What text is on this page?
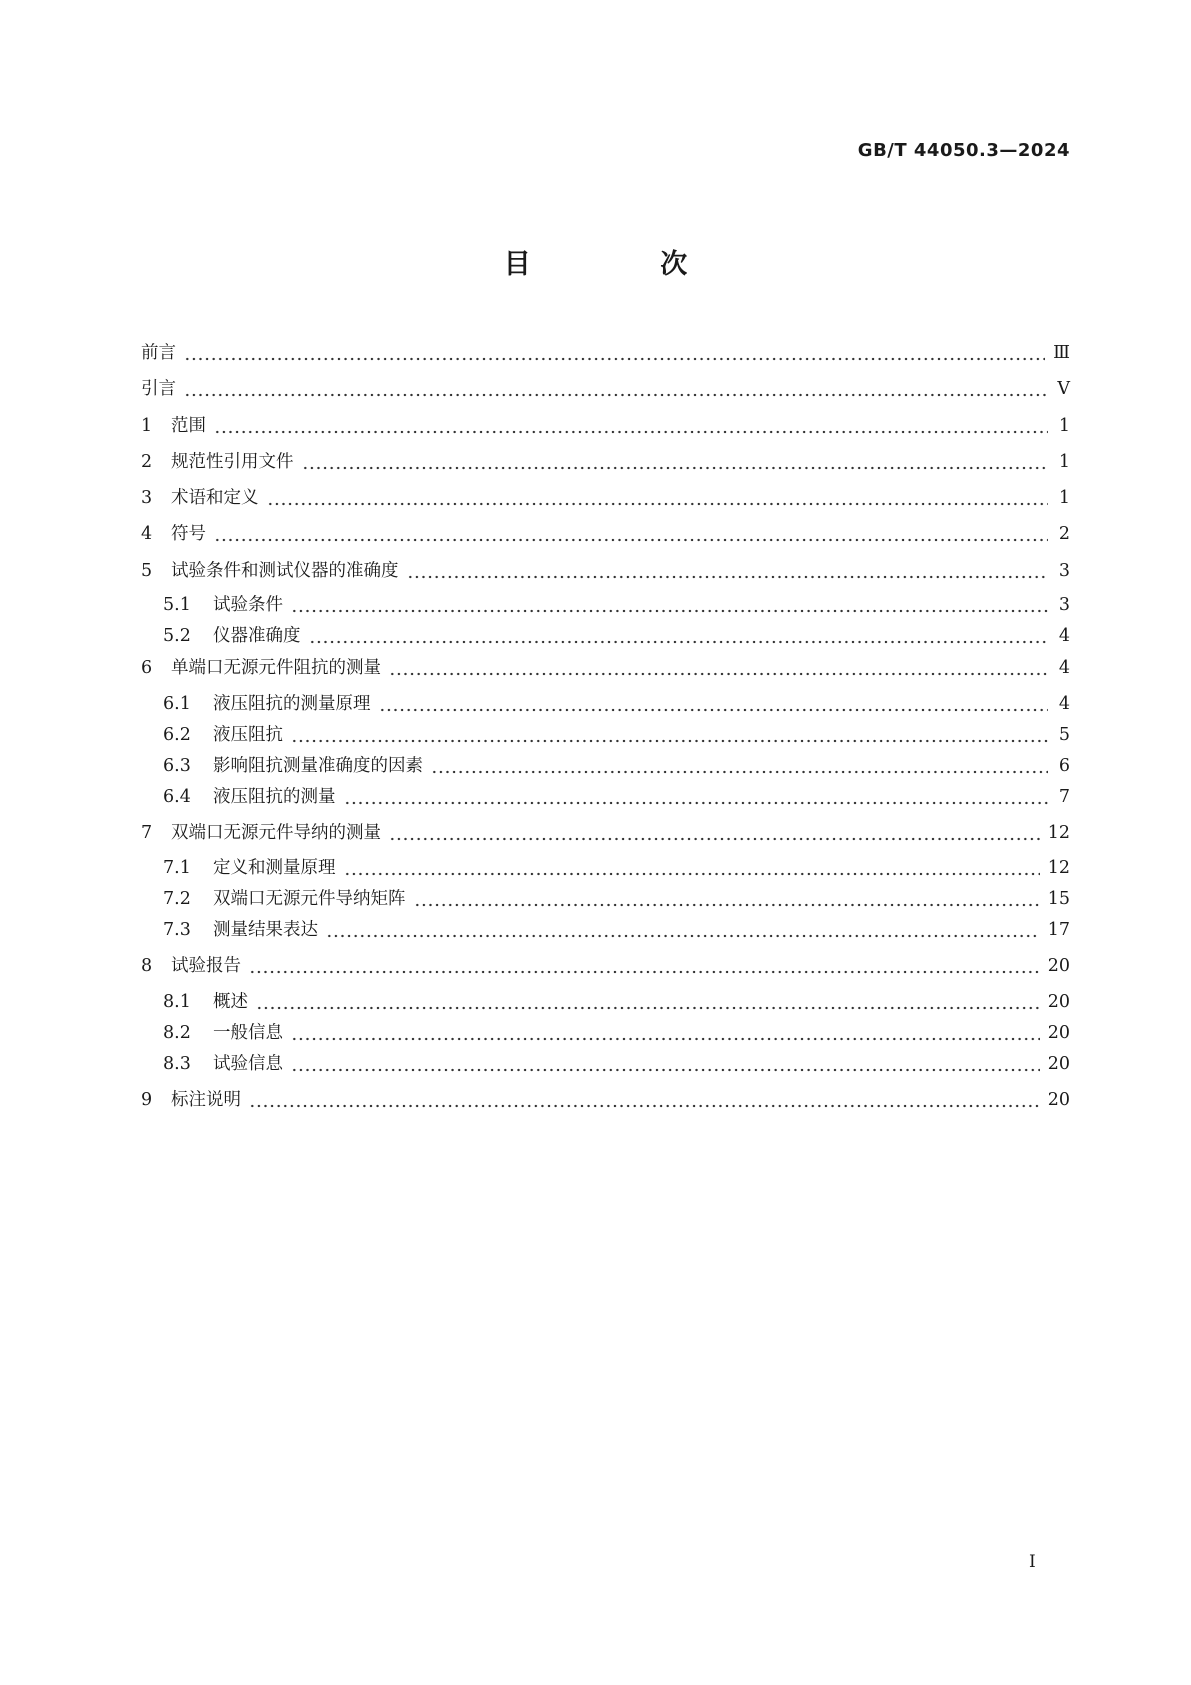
GB/T 44050.3—2024
目 次
前言	Ⅲ
引言	Ⅴ
1	范围	1
2	规范性引用文件	1
3	术语和定义	1
4	符号	2
5	试验条件和测试仪器的准确度	3
5.1	试验条件	3
5.2	仪器准确度	4
6	单端口无源元件阻抗的测量	4
6.1	液压阻抗的测量原理	4
6.2	液压阻抗	5
6.3	影响阻抗测量准确度的因素	6
6.4	液压阻抗的测量	7
7	双端口无源元件导纳的测量	12
7.1	定义和测量原理	12
7.2	双端口无源元件导纳矩阵	15
7.3	测量结果表达	17
8	试验报告	20
8.1	概述	20
8.2	一般信息	20
8.3	试验信息	20
9	标注说明	20
Ⅰ
